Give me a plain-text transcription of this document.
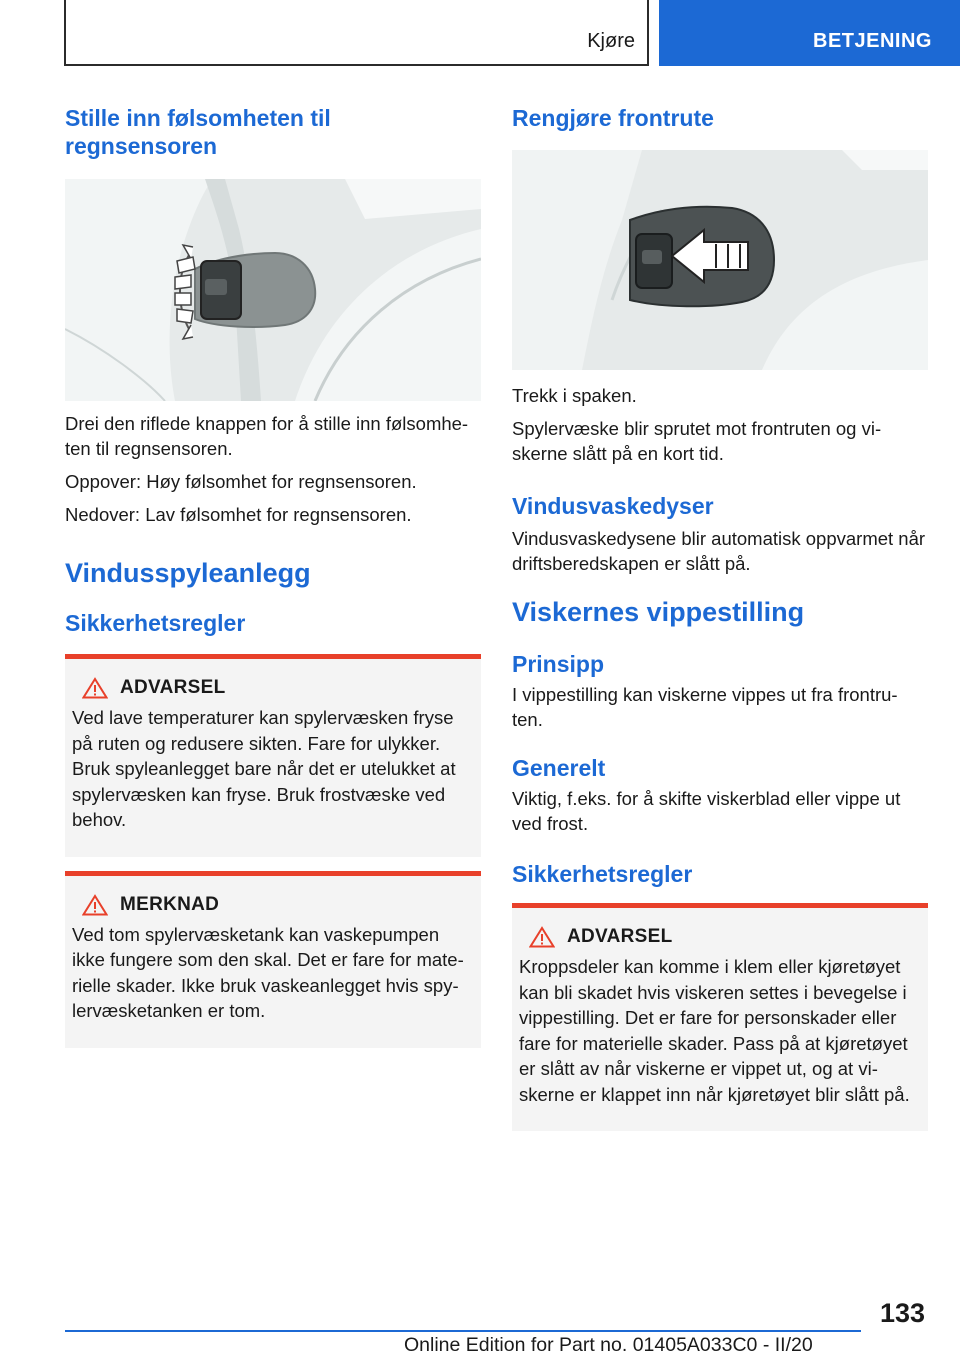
Kjøre	BETJENING
Stille inn følsomheten til regnsensoren

Drei den riflede knappen for å stille inn følsomhe-ten til regnsensoren.

Oppover: Høy følsomhet for regnsensoren.

Nedover: Lav følsomhet for regnsensoren.

Vindusspyleanlegg
Sikkerhetsregler
ADVARSEL

Ved lave temperaturer kan spylervæsken fryse på ruten og redusere sikten. Fare for ulykker. Bruk spyleanlegget bare når det er utelukket at spylervæsken kan fryse. Bruk frostvæske ved behov.

MERKNAD

Ved tom spylervæsketank kan vaskepumpen ikke fungere som den skal. Det er fare for mate-rielle skader. Ikke bruk vaskeanlegget hvis spy-lervæsketanken er tom.

Rengjøre frontrute

Trekk i spaken.

Spylervæske blir sprutet mot frontruten og vi-skerne slått på en kort tid.

Vindusvaskedyser

Vindusvaskedysene blir automatisk oppvarmet når driftsberedskapen er slått på.

Viskernes vippestilling
Prinsipp

I vippestilling kan viskerne vippes ut fra frontru-ten.

Generelt

Viktig, f.eks. for å skifte viskerblad eller vippe ut ved frost.

Sikkerhetsregler
ADVARSEL

Kroppsdeler kan komme i klem eller kjøretøyet kan bli skadet hvis viskeren settes i bevegelse i vippestilling. Det er fare for personskader eller fare for materielle skader. Pass på at kjøretøyet er slått av når viskerne er vippet ut, og at vi-skerne er klappet inn når kjøretøyet blir slått på.

133
Online Edition for Part no. 01405A033C0 - II/20
